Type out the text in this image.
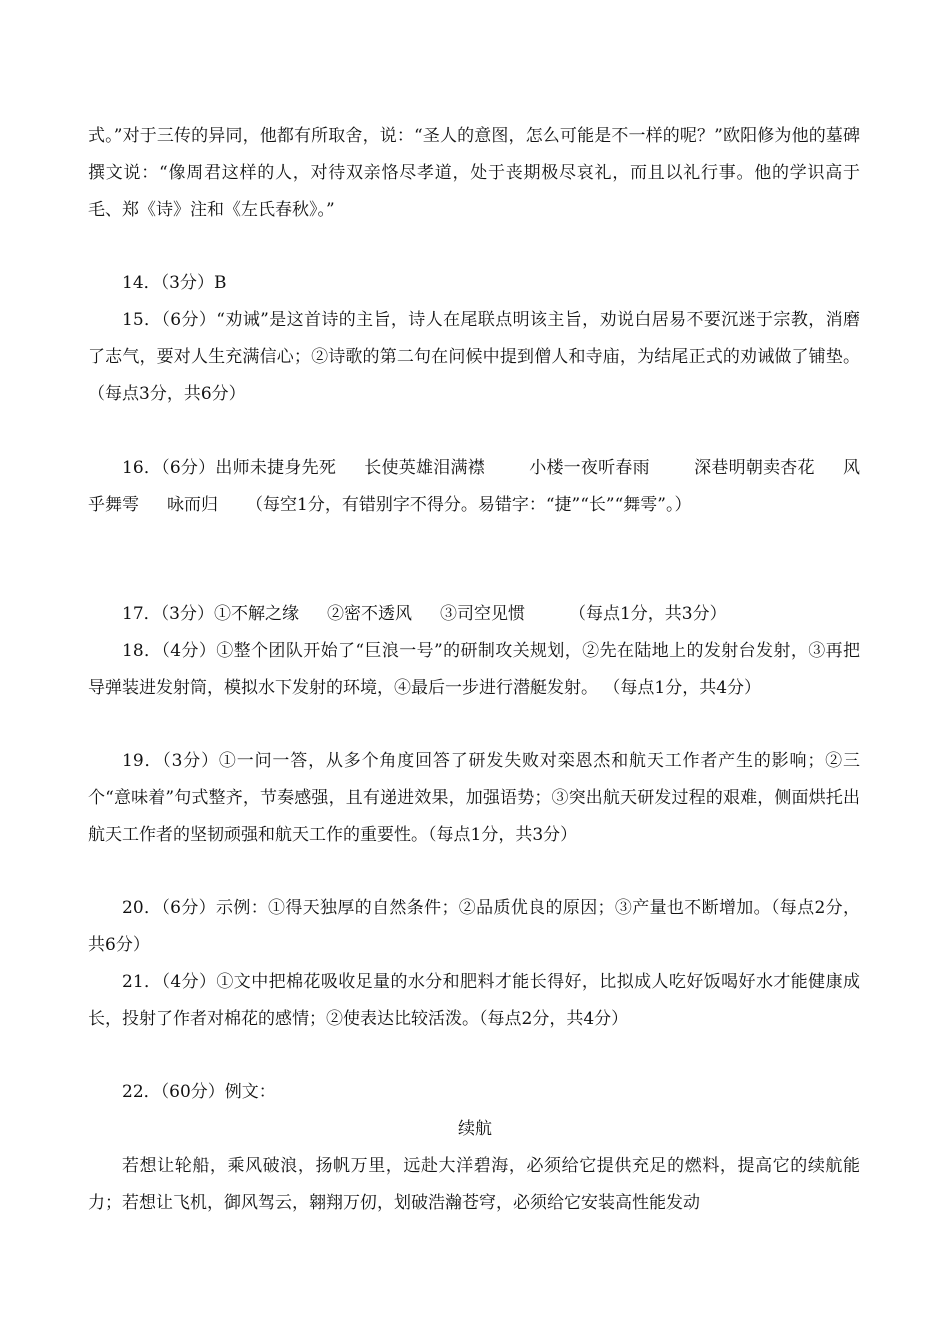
式。”对于三传的异同，他都有所取舍，说：“圣人的意图，怎么可能是不一样的呢？”欧阳修为他的墓碑撰文说：“像周君这样的人，对待双亲恪尽孝道，处于丧期极尽哀礼，而且以礼行事。他的学识高于毛、郑《诗》注和《左氏春秋》。”

14．（3分）B

15．（6分）“劝诫”是这首诗的主旨，诗人在尾联点明该主旨，劝说白居易不要沉迷于宗教，消磨了志气，要对人生充满信心；②诗歌的第二句在问候中提到僧人和寺庙，为结尾正式的劝诫做了铺垫。（每点3分，共6分）

16．（6分）出师未捷身先死 长使英雄泪满襟	小楼一夜听春雨	深巷明朝卖杏花 风乎舞雩 咏而归 （每空1分，有错别字不得分。易错字：“捷”“长”“舞雩”。）

17．（3分）①不解之缘 ②密不透风 ③司空见惯	（每点1分，共3分）

18．（4分）①整个团队开始了“巨浪一号”的研制攻关规划，②先在陆地上的发射台发射，③再把导弹装进发射筒，模拟水下发射的环境，④最后一步进行潜艇发射。 （每点1分，共4分）

19．（3分）①一问一答，从多个角度回答了研发失败对栾恩杰和航天工作者产生的影响；②三个“意味着”句式整齐，节奏感强，且有递进效果，加强语势；③突出航天研发过程的艰难，侧面烘托出航天工作者的坚韧顽强和航天工作的重要性。（每点1分，共3分）

20．（6分）示例：①得天独厚的自然条件；②品质优良的原因；③产量也不断增加。（每点2分，共6分）

21．（4分）①文中把棉花吸收足量的水分和肥料才能长得好，比拟成人吃好饭喝好水才能健康成长，投射了作者对棉花的感情；②使表达比较活泼。（每点2分，共4分）

22．（60分）例文：

续航

若想让轮船，乘风破浪，扬帆万里，远赴大洋碧海，必须给它提供充足的燃料，提高它的续航能力；若想让飞机，御风驾云，翱翔万仞，划破浩瀚苍穹，必须给它安装高性能发动
